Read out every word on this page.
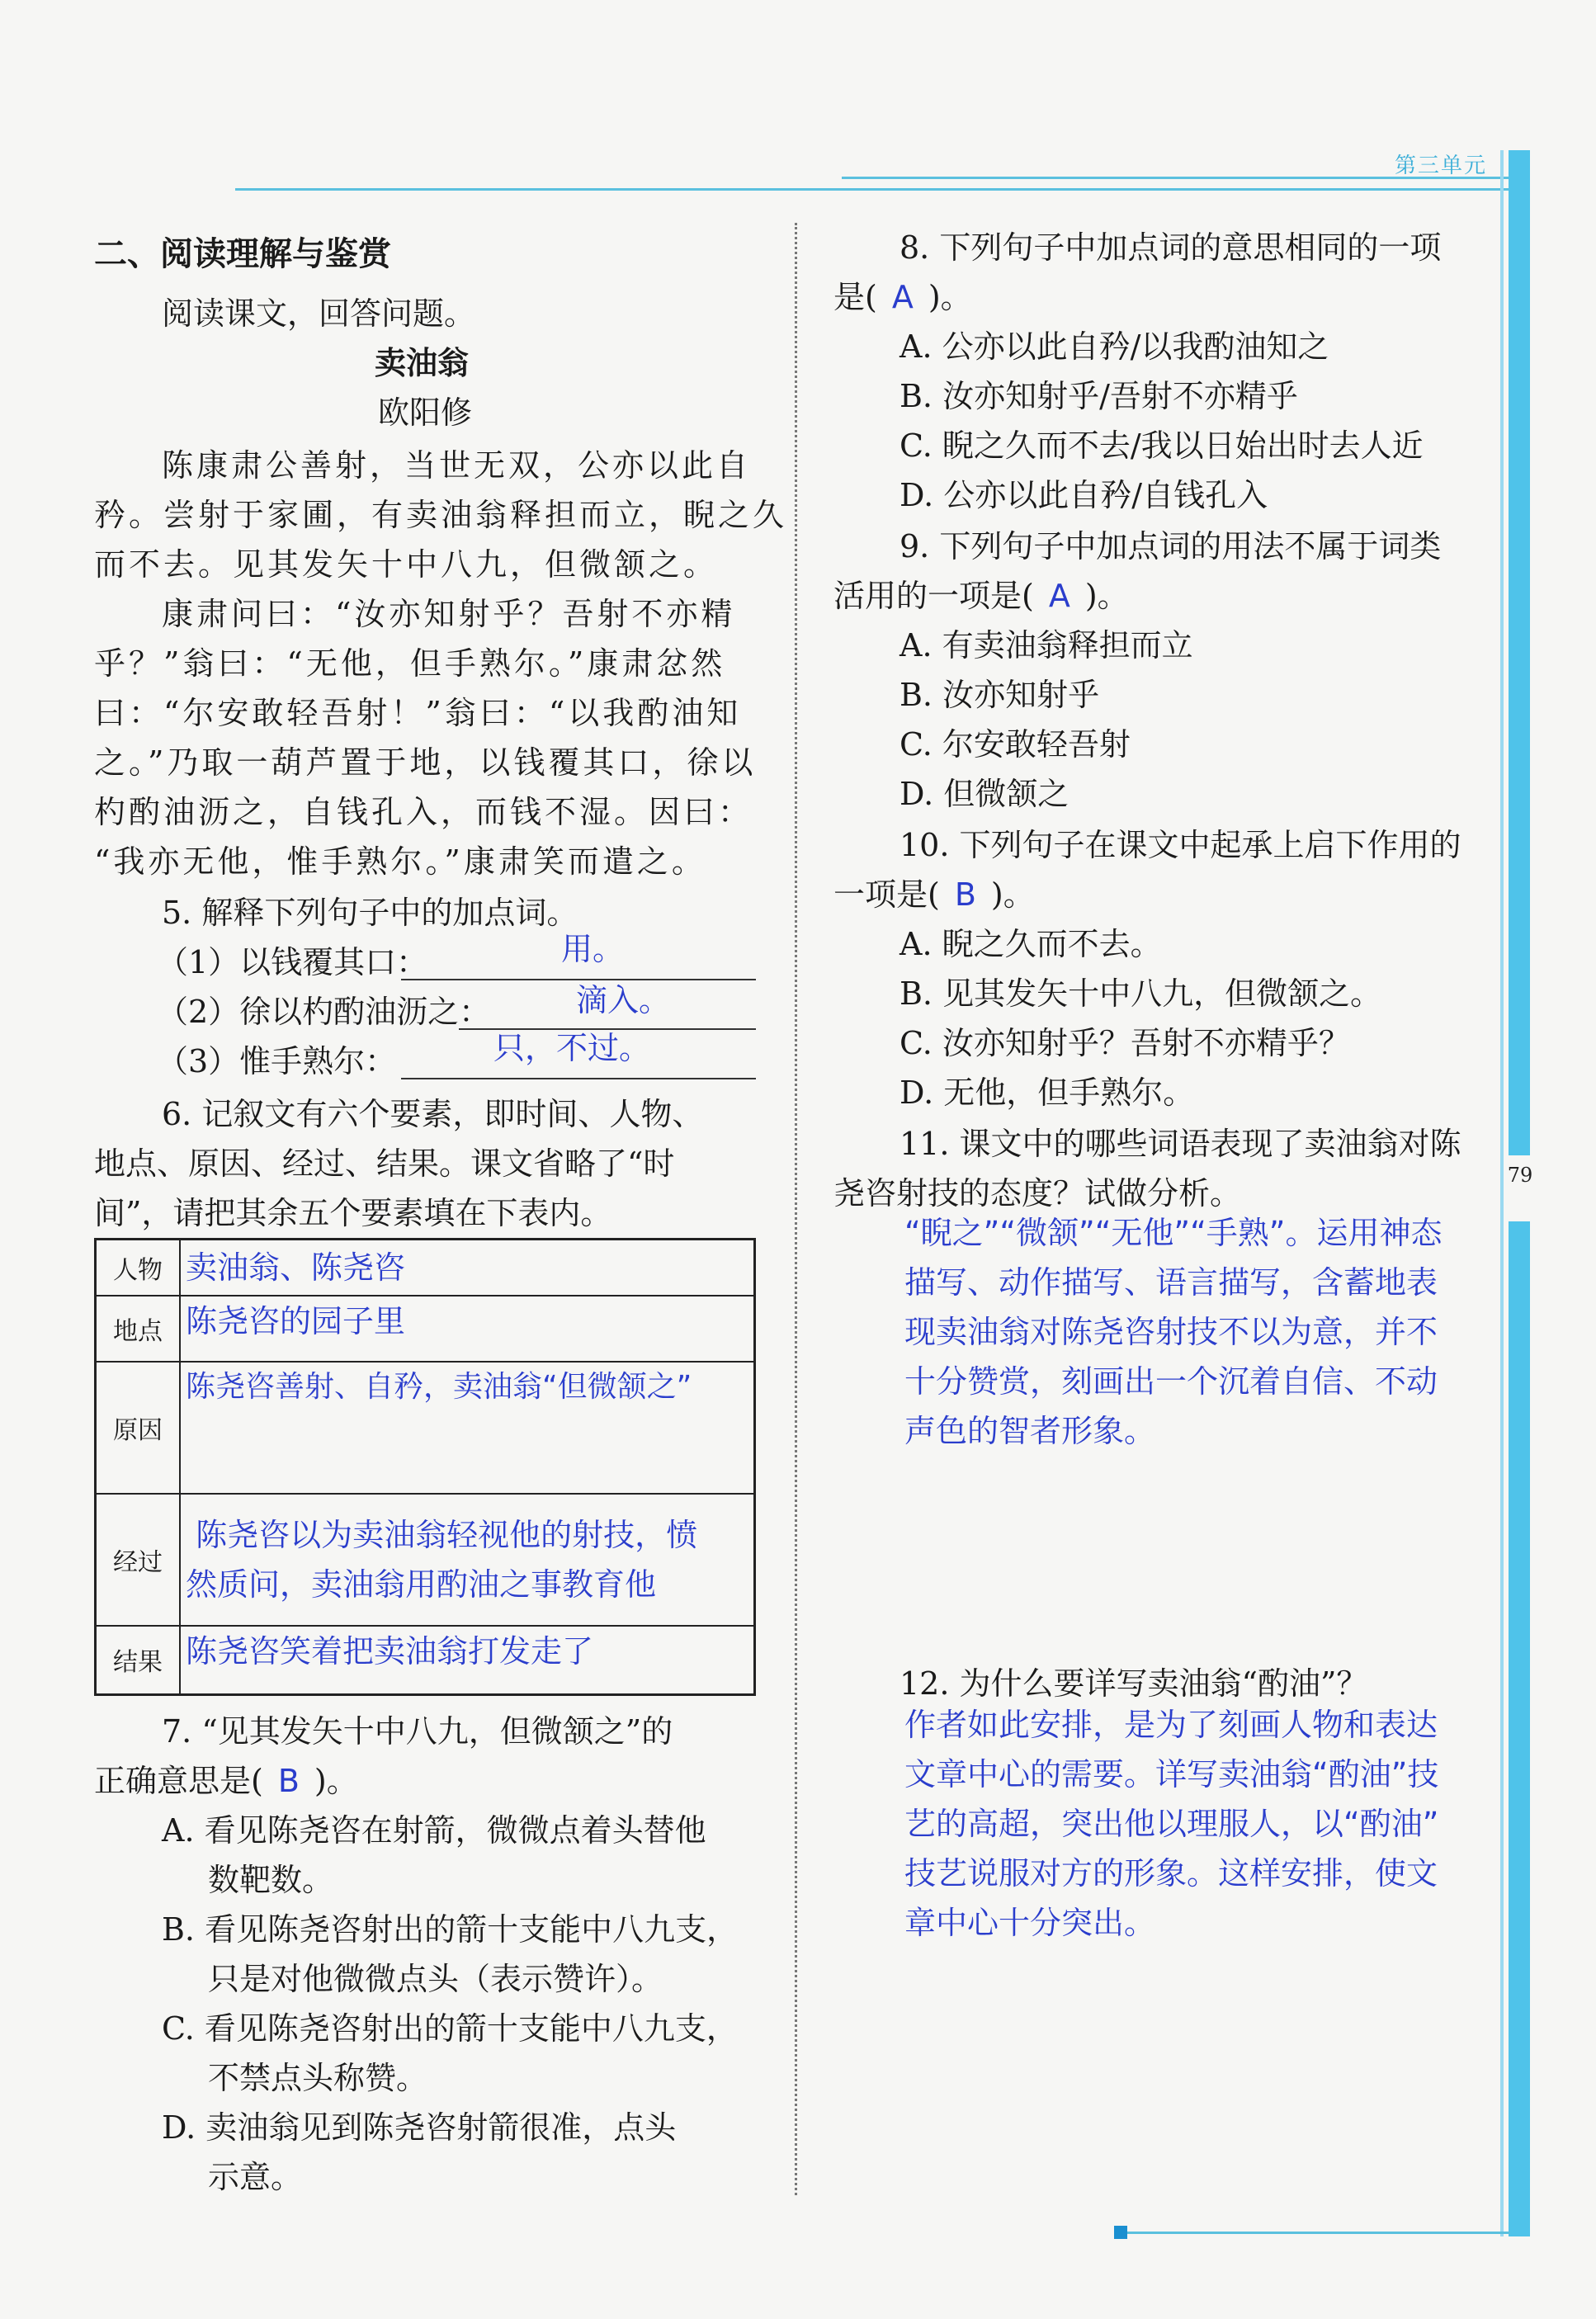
第三单元
79
二、阅读理解与鉴赏
阅读课文，回答问题。
卖油翁
欧阳修
陈康肃公善射，当世无双，公亦以此自
矜。尝射于家圃，有卖油翁释担而立，睨之久
而不去。见其发矢十中八九，但微颔之。
康肃问曰：“汝亦知射乎？吾射不亦精
乎？”翁曰：“无他，但手熟尔。”康肃忿然
曰：“尔安敢轻吾射！”翁曰：“以我酌油知
之。”乃取一葫芦置于地，以钱覆其口，徐以
杓酌油沥之，自钱孔入，而钱不湿。因曰：
“我亦无他，惟手熟尔。”康肃笑而遣之。
5. 解释下列句子中的加点词。
（1）以钱覆其口：	用。
（2）徐以杓酌油沥之：	滴入。
（3）惟手熟尔：	只，不过。
6. 记叙文有六个要素，即时间、人物、
地点、原因、经过、结果。课文省略了“时
间”，请把其余五个要素填在下表内。
人物	卖油翁、陈尧咨

地点	陈尧咨的园子里

原因	陈尧咨善射、自矜，卖油翁“但微颔之”

经过	陈尧咨以为卖油翁轻视他的射技，愤
然质问，卖油翁用酌油之事教育他

结果	陈尧咨笑着把卖油翁打发走了
7. “见其发矢十中八九，但微颔之”的
正确意思是( B )。
A. 看见陈尧咨在射箭，微微点着头替他
数靶数。
B. 看见陈尧咨射出的箭十支能中八九支，
只是对他微微点头（表示赞许）。
C. 看见陈尧咨射出的箭十支能中八九支，
不禁点头称赞。
D. 卖油翁见到陈尧咨射箭很准，点头
示意。
8. 下列句子中加点词的意思相同的一项
是( A )。
A. 公亦以此自矜/以我酌油知之
B. 汝亦知射乎/吾射不亦精乎
C. 睨之久而不去/我以日始出时去人近
D. 公亦以此自矜/自钱孔入
9. 下列句子中加点词的用法不属于词类
活用的一项是( A )。
A. 有卖油翁释担而立
B. 汝亦知射乎
C. 尔安敢轻吾射
D. 但微颔之
10. 下列句子在课文中起承上启下作用的
一项是( B )。
A. 睨之久而不去。
B. 见其发矢十中八九，但微颔之。
C. 汝亦知射乎？吾射不亦精乎？
D. 无他，但手熟尔。
11. 课文中的哪些词语表现了卖油翁对陈
尧咨射技的态度？试做分析。
“睨之”“微颔”“无他”“手熟”。运用神态
描写、动作描写、语言描写，含蓄地表
现卖油翁对陈尧咨射技不以为意，并不
十分赞赏，刻画出一个沉着自信、不动
声色的智者形象。
12. 为什么要详写卖油翁“酌油”？
作者如此安排，是为了刻画人物和表达
文章中心的需要。详写卖油翁“酌油”技
艺的高超，突出他以理服人，以“酌油”
技艺说服对方的形象。这样安排，使文
章中心十分突出。
